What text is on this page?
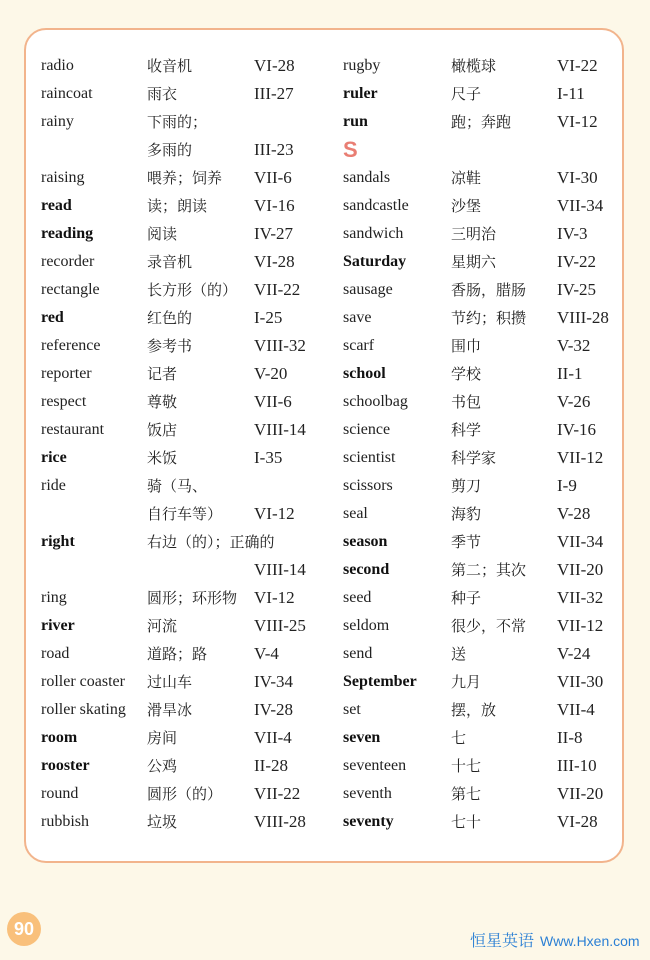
radio	收音机	VI-28
raincoat	雨衣	III-27
rainy	下雨的；
多雨的	III-23
raising	喂养；饲养 VII-6
read	读；朗读	VI-16
reading	阅读	IV-27
recorder	录音机	VI-28
rectangle	长方形（的） VII-22
red	红色的	I-25
reference	参考书	VIII-32
reporter	记者	V-20
respect	尊敬	VII-6
restaurant	饭店	VIII-14
rice	米饭	I-35
ride	骑（马、
自行车等） VI-12
right	右边（的）；正确的
VIII-14
ring	圆形；环形物 VI-12
river	河流	VIII-25
road	道路；路	V-4
roller coaster 过山车	IV-34
roller skating 滑旱冰	IV-28
room	房间	VII-4
rooster	公鸡	II-28
round	圆形（的） VII-22
rubbish	垃圾	VIII-28
rugby	橄榄球	VI-22
ruler	尺子	I-11
run	跑；奔跑	VI-12
S
sandals	凉鞋	VI-30
sandcastle	沙堡	VII-34
sandwich	三明治	IV-3
Saturday	星期六	IV-22
sausage	香肠，腊肠 IV-25
save	节约；积攒 VIII-28
scarf	围巾	V-32
school	学校	II-1
schoolbag	书包	V-26
science	科学	IV-16
scientist	科学家	VII-12
scissors	剪刀	I-9
seal	海豹	V-28
season	季节	VII-34
second	第二；其次 VII-20
seed	种子	VII-32
seldom	很少，不常 VII-12
send	送	V-24
September 九月	VII-30
set	摆，放	VII-4
seven	七	II-8
seventeen	十七	III-10
seventh	第七	VII-20
seventy	七十	VI-28
90
恒星英语 Www.Hxen.com
